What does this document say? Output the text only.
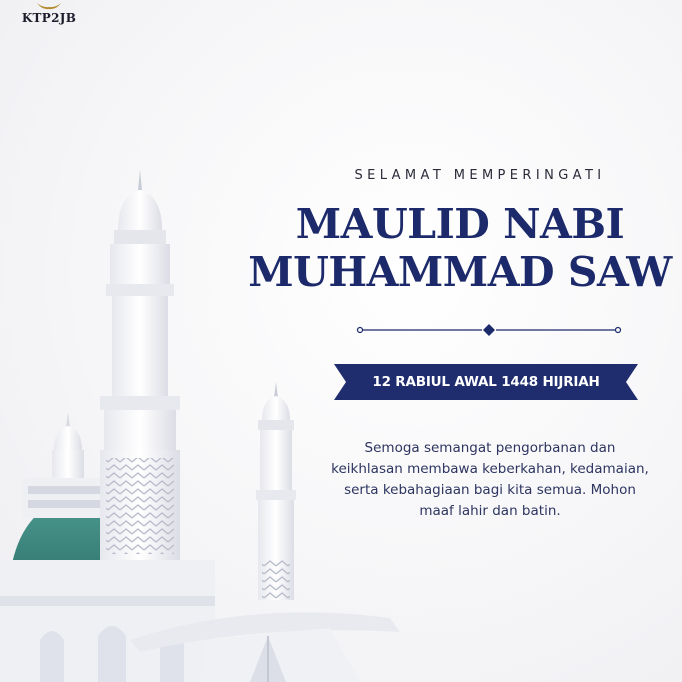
KTP2JB
SELAMAT MEMPERINGATI
MAULID NABI
MUHAMMAD SAW
12 RABIUL AWAL 1448 HIJRIAH
Semoga semangat pengorbanan dan keikhlasan membawa keberkahan, kedamaian, serta kebahagiaan bagi kita semua. Mohon maaf lahir dan batin.
